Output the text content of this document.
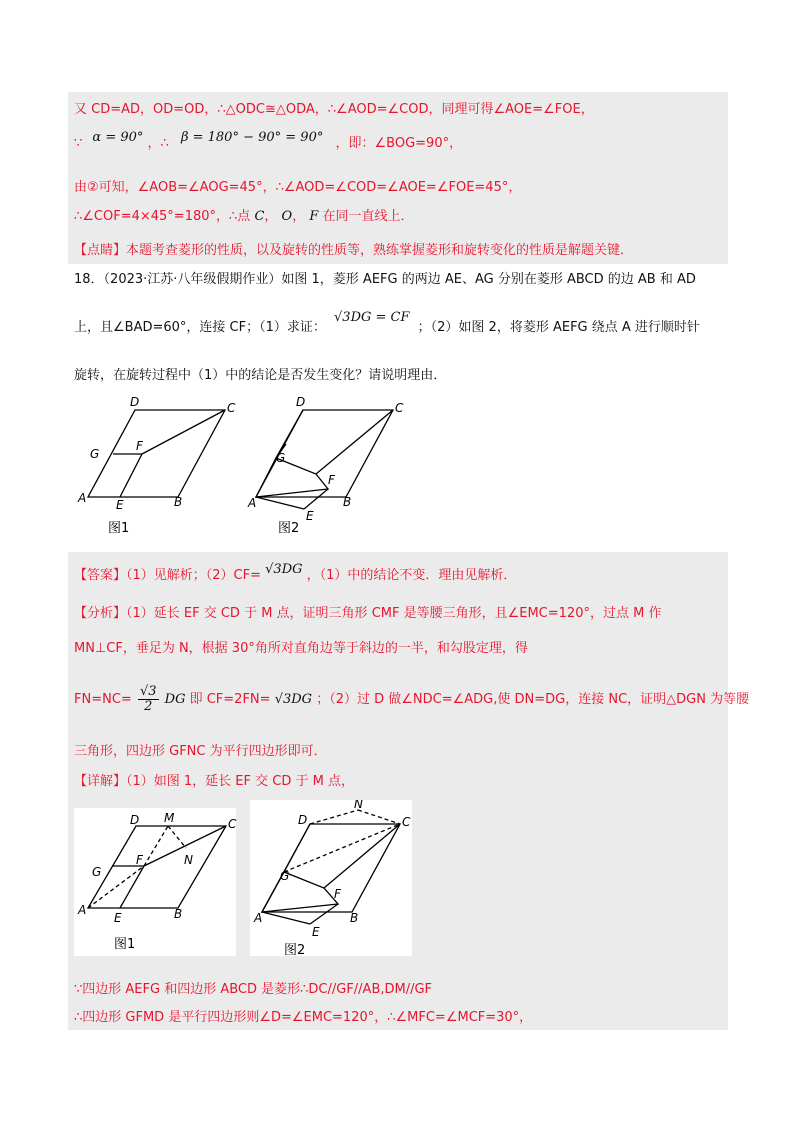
又 CD=AD，OD=OD，∴△ODC≅△ODA，∴∠AOD=∠COD，同理可得∠AOE=∠FOE，
∵ α = 90° ，∴ β = 180° − 90° = 90° ，即：∠BOG=90°，
由②可知，∠AOB=∠AOG=45°，∴∠AOD=∠COD=∠AOE=∠FOE=45°，
∴∠COF=4×45°=180°，∴点 C， O， F 在同一直线上．
【点睛】本题考查菱形的性质，以及旋转的性质等，熟练掌握菱形和旋转变化的性质是解题关键．
18．（2023·江苏·八年级假期作业）如图 1，菱形 AEFG 的两边 AE、AG 分别在菱形 ABCD 的边 AB 和 AD
上，且∠BAD=60°，连接 CF；（1）求证： √3DG = CF ；（2）如图 2，将菱形 AEFG 绕点 A 进行顺时针
旋转，在旋转过程中（1）中的结论是否发生变化？请说明理由．
A	B
C
D
E
F
G
图1
A	B
C
D
G
F
E
图2
【答案】（1）见解析；（2）CF= √3DG ，（1）中的结论不变．理由见解析．
【分析】（1）延长 EF 交 CD 于 M 点，证明三角形 CMF 是等腰三角形，且∠EMC=120°，过点 M 作
MN⊥CF，垂足为 N，根据 30°角所对直角边等于斜边的一半，和勾股定理，得
$FN=NC= \frac{√3}{2}$ DG 即 CF=2FN= √3DG ；（2）过 D 做∠NDC=∠ADG,使 DN=DG，连接 NC，证明△DGN 为等腰
三角形，四边形 GFNC 为平行四边形即可．
【详解】（1）如图 1，延长 EF 交 CD 于 M 点，
A	B
C
D
E
F
G
M
N
图1
A	B
C
D
G
F
E
N
图2
∵四边形 AEFG 和四边形 ABCD 是菱形∴DC//GF//AB,DM//GF
∴四边形 GFMD 是平行四边形则∠D=∠EMC=120°，∴∠MFC=∠MCF=30°，
